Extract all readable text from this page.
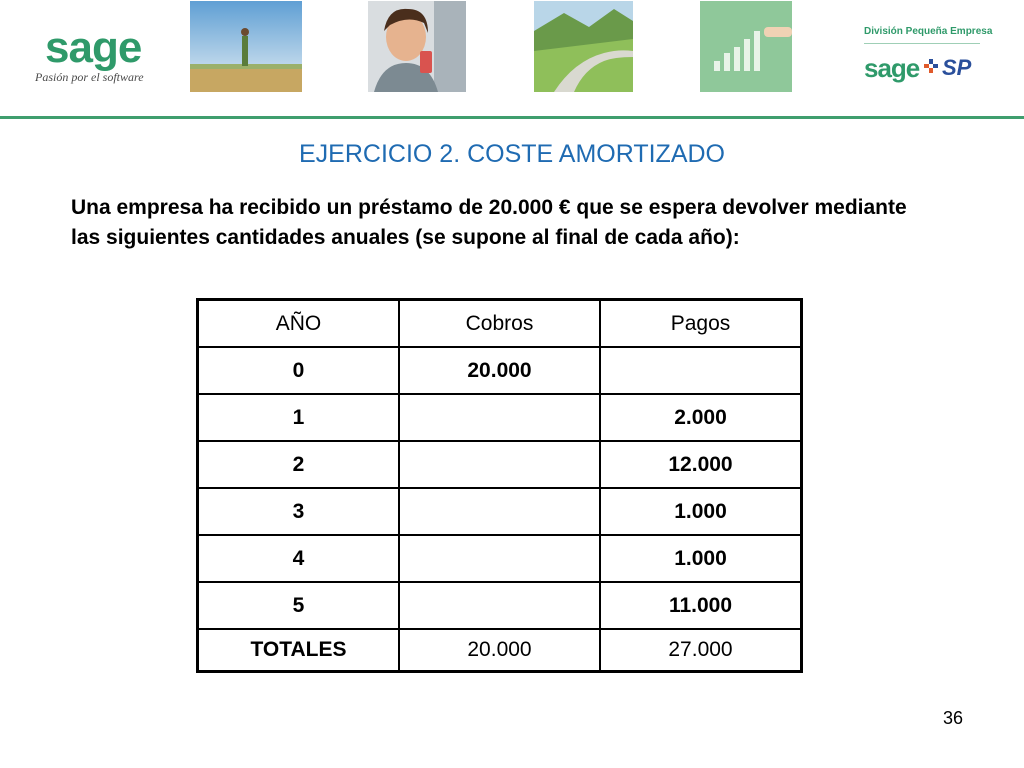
sage
Pasión por el software
División Pequeña Empresa
sage SP
EJERCICIO 2. COSTE AMORTIZADO
Una empresa ha recibido un préstamo de 20.000 € que se espera devolver mediante las siguientes cantidades anuales (se supone al final de cada año):
AÑO	Cobros	Pagos
0	20.000	
1		2.000
2		12.000
3		1.000
4		1.000
5		11.000
TOTALES	20.000	27.000
36
